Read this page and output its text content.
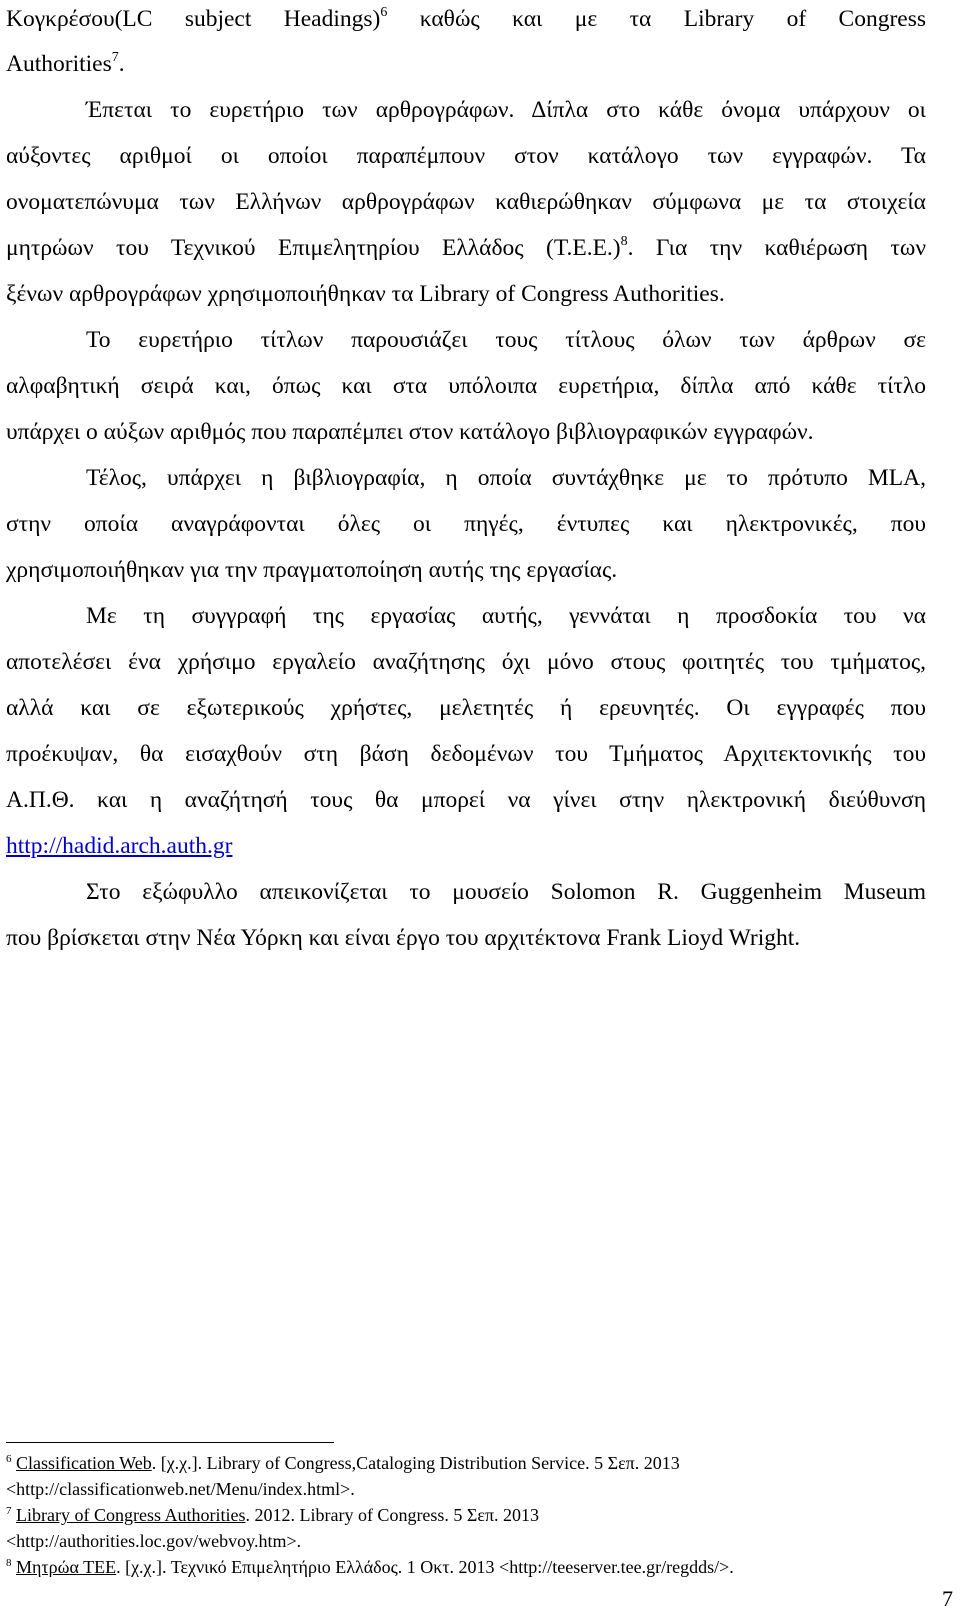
Κογκρέσου(LC subject Headings)$^6$ καθώς και με τα Library of Congress
Authorities$^7$.
Έπεται το ευρετήριο των αρθρογράφων. Δίπλα στο κάθε όνομα υπάρχουν οι
αύξοντες αριθμοί οι οποίοι παραπέμπουν στον κατάλογο των εγγραφών. Τα
ονοματεπώνυμα των Ελλήνων αρθρογράφων καθιερώθηκαν σύμφωνα με τα στοιχεία
μητρώων του Τεχνικού Επιμελητηρίου Ελλάδος $(T.E.E.)^8$. Για την καθιέρωση των
ξένων αρθρογράφων χρησιμοποιήθηκαν τα Library of Congress Authorities.
Το ευρετήριο τίτλων παρουσιάζει τους τίτλους όλων των άρθρων σε
αλφαβητική σειρά και, όπως και στα υπόλοιπα ευρετήρια, δίπλα από κάθε τίτλο
υπάρχει ο αύξων αριθμός που παραπέμπει στον κατάλογο βιβλιογραφικών εγγραφών.
Τέλος, υπάρχει η βιβλιογραφία, η οποία συντάχθηκε με το πρότυπο MLA,
στην οποία αναγράφονται όλες οι πηγές, έντυπες και ηλεκτρονικές, που
χρησιμοποιήθηκαν για την πραγματοποίηση αυτής της εργασίας.
Με τη συγγραφή της εργασίας αυτής, γεννάται η προσδοκία του να
αποτελέσει ένα χρήσιμο εργαλείο αναζήτησης όχι μόνο στους φοιτητές του τμήματος,
αλλά και σε εξωτερικούς χρήστες, μελετητές ή ερευνητές. Οι εγγραφές που
προέκυψαν, θα εισαχθούν στη βάση δεδομένων του Τμήματος Αρχιτεκτονικής του
Α.Π.Θ. και η αναζήτησή τους θα μπορεί να γίνει στην ηλεκτρονική διεύθυνση
http://hadid.arch.auth.gr
Στο εξώφυλλο απεικονίζεται το μουσείο Solomon R. Guggenheim Museum
που βρίσκεται στην Νέα Υόρκη και είναι έργο του αρχιτέκτονα Frank Lioyd Wright.
$^6$ Classification Web. [χ.χ.]. Library of Congress,Cataloging Distribution Service. 5 Σεπ. 2013
<http://classificationweb.net/Menu/index.html>.
$^7$ Library of Congress Authorities. 2012. Library of Congress. 5 Σεπ. 2013
<http://authorities.loc.gov/webvoy.htm>.
$^8$ Μητρώα ΤΕΕ. [χ.χ.]. Τεχνικό Επιμελητήριο Ελλάδος. 1 Οκτ. 2013 <http://teeserver.tee.gr/regdds/>.
7
